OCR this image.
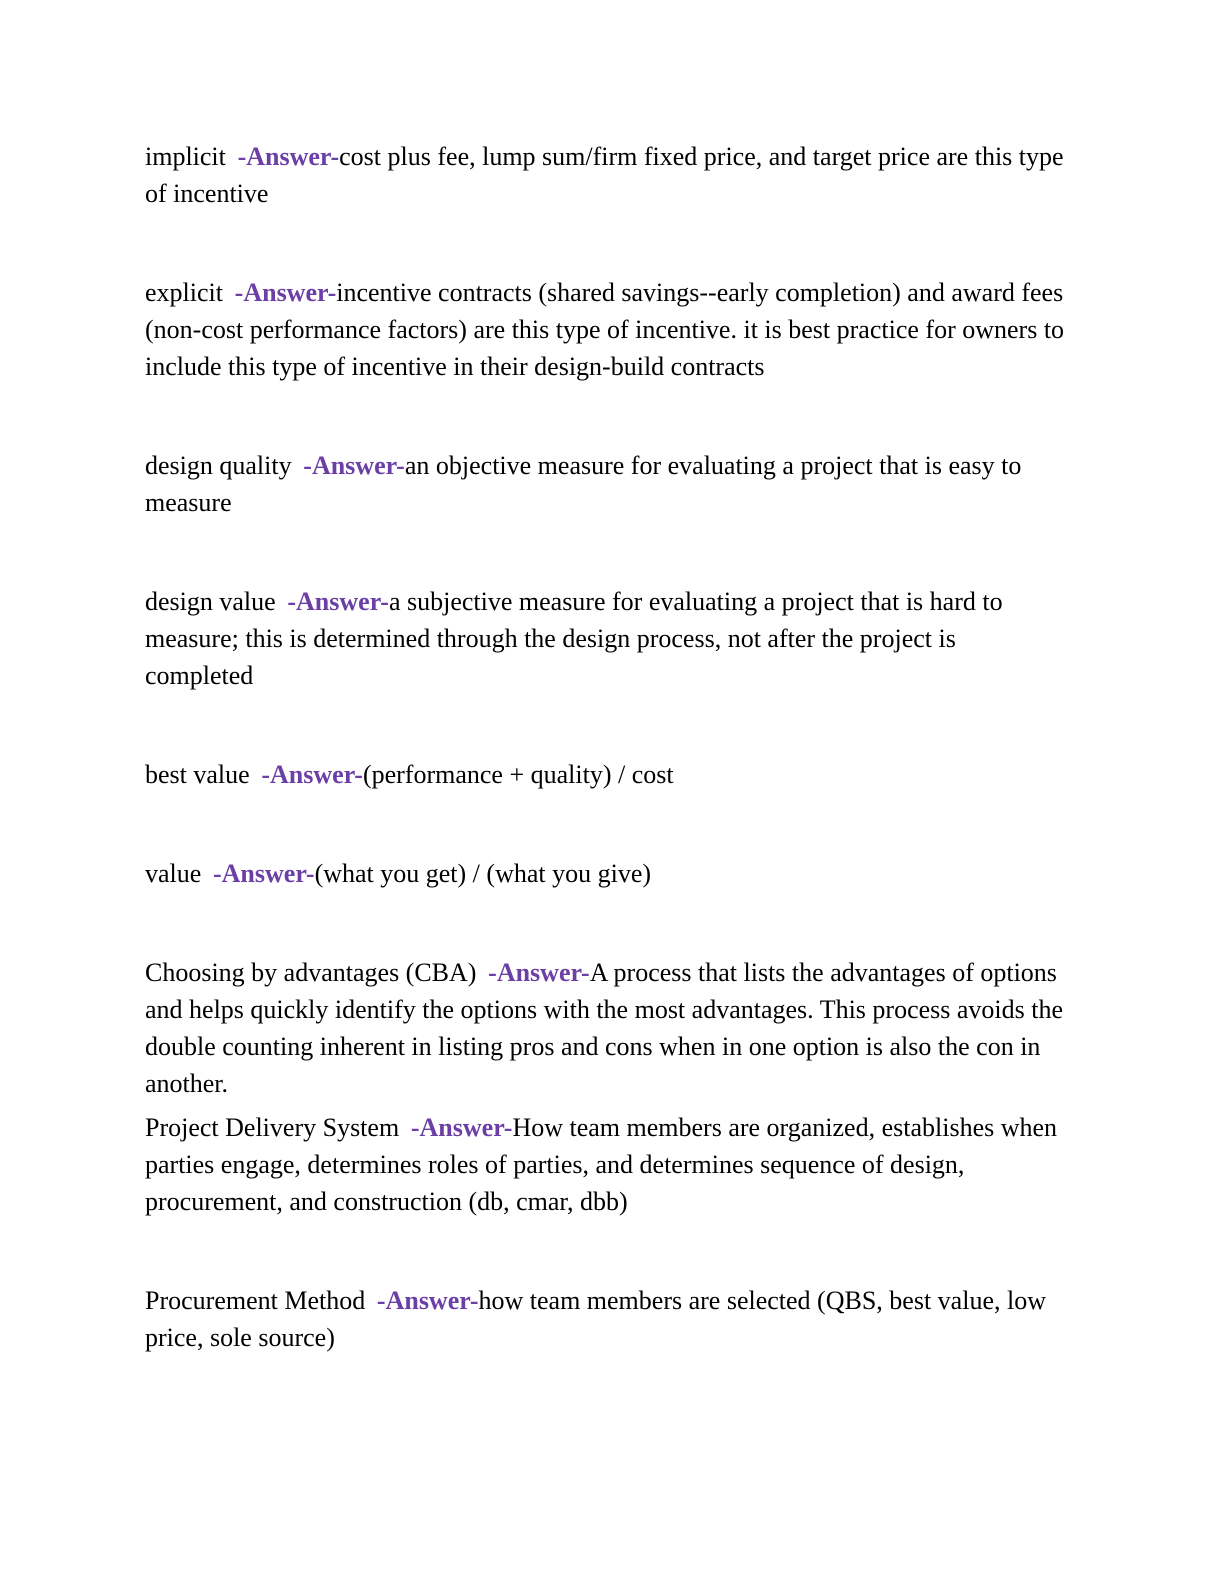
implicit -Answer-cost plus fee, lump sum/firm fixed price, and target price are this type of incentive

explicit -Answer-incentive contracts (shared savings--early completion) and award fees (non-cost performance factors) are this type of incentive. it is best practice for owners to include this type of incentive in their design-build contracts

design quality -Answer-an objective measure for evaluating a project that is easy to measure

design value -Answer-a subjective measure for evaluating a project that is hard to measure; this is determined through the design process, not after the project is completed

best value -Answer-(performance + quality) / cost

value -Answer-(what you get) / (what you give)

Choosing by advantages (CBA) -Answer-A process that lists the advantages of options and helps quickly identify the options with the most advantages. This process avoids the double counting inherent in listing pros and cons when in one option is also the con in another.

Project Delivery System -Answer-How team members are organized, establishes when parties engage, determines roles of parties, and determines sequence of design, procurement, and construction (db, cmar, dbb)

Procurement Method -Answer-how team members are selected (QBS, best value, low price, sole source)
